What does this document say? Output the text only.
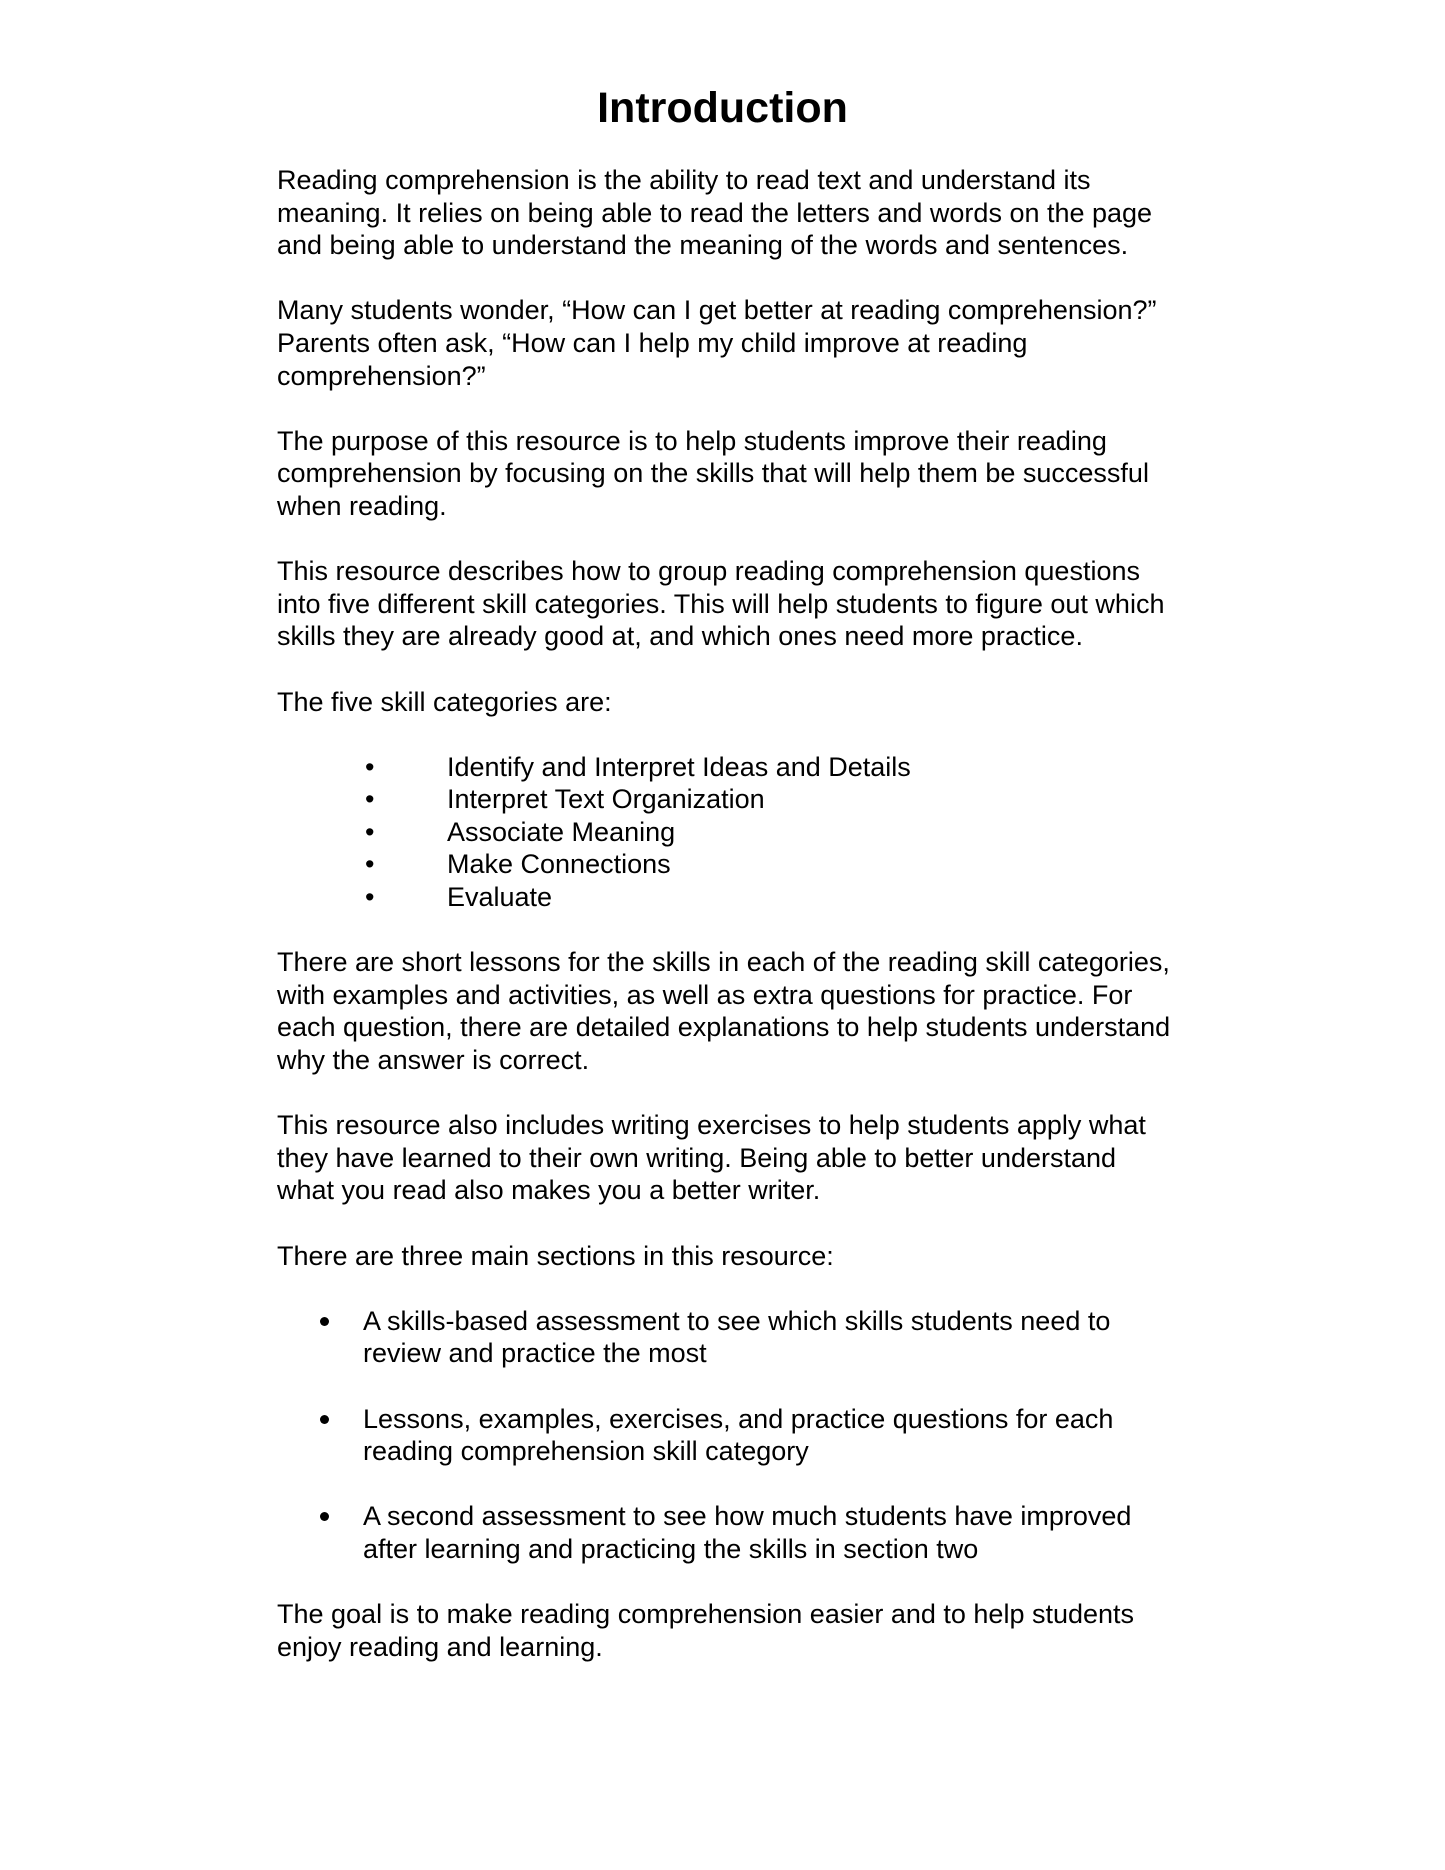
Introduction

Reading comprehension is the ability to read text and understand its meaning. It relies on being able to read the letters and words on the page and being able to understand the meaning of the words and sentences.

Many students wonder, “How can I get better at reading comprehension?” Parents often ask, “How can I help my child improve at reading comprehension?”

The purpose of this resource is to help students improve their reading comprehension by focusing on the skills that will help them be successful when reading.

This resource describes how to group reading comprehension questions into five different skill categories. This will help students to figure out which skills they are already good at, and which ones need more practice.

The five skill categories are:

•	Identify and Interpret Ideas and Details
•	Interpret Text Organization
•	Associate Meaning
•	Make Connections
•	Evaluate

There are short lessons for the skills in each of the reading skill categories, with examples and activities, as well as extra questions for practice. For each question, there are detailed explanations to help students understand why the answer is correct.

This resource also includes writing exercises to help students apply what they have learned to their own writing. Being able to better understand what you read also makes you a better writer.

There are three main sections in this resource:

A skills-based assessment to see which skills students need to review and practice the most
Lessons, examples, exercises, and practice questions for each reading comprehension skill category
A second assessment to see how much students have improved after learning and practicing the skills in section two

The goal is to make reading comprehension easier and to help students enjoy reading and learning.
